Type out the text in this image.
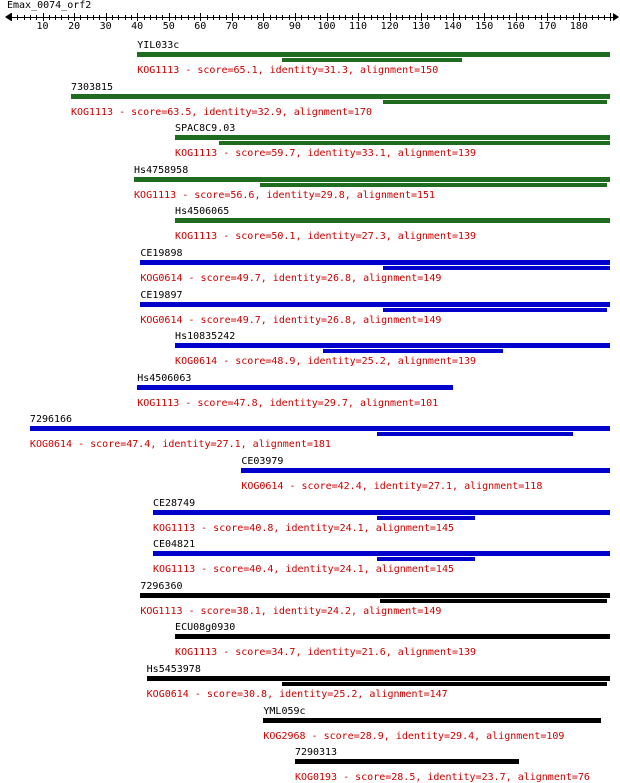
Emax_0074_orf2
10 20 30 40 50 60 70 80 90 100 110 120 130 140 150 160 170 180
YIL033c
KOG1113 - score=65.1, identity=31.3, alignment=150
7303815
KOG1113 - score=63.5, identity=32.9, alignment=170
SPAC8C9.03
KOG1113 - score=59.7, identity=33.1, alignment=139
Hs4758958
KOG1113 - score=56.6, identity=29.8, alignment=151
Hs4506065
KOG1113 - score=50.1, identity=27.3, alignment=139
CE19898
KOG0614 - score=49.7, identity=26.8, alignment=149
CE19897
KOG0614 - score=49.7, identity=26.8, alignment=149
Hs10835242
KOG0614 - score=48.9, identity=25.2, alignment=139
Hs4506063
KOG1113 - score=47.8, identity=29.7, alignment=101
7296166
KOG0614 - score=47.4, identity=27.1, alignment=181
CE03979
KOG0614 - score=42.4, identity=27.1, alignment=118
CE28749
KOG1113 - score=40.8, identity=24.1, alignment=145
CE04821
KOG1113 - score=40.4, identity=24.1, alignment=145
7296360
KOG1113 - score=38.1, identity=24.2, alignment=149
ECU08g0930
KOG1113 - score=34.7, identity=21.6, alignment=139
Hs5453978
KOG0614 - score=30.8, identity=25.2, alignment=147
YML059c
KOG2968 - score=28.9, identity=29.4, alignment=109
7290313
KOG0193 - score=28.5, identity=23.7, alignment=76
